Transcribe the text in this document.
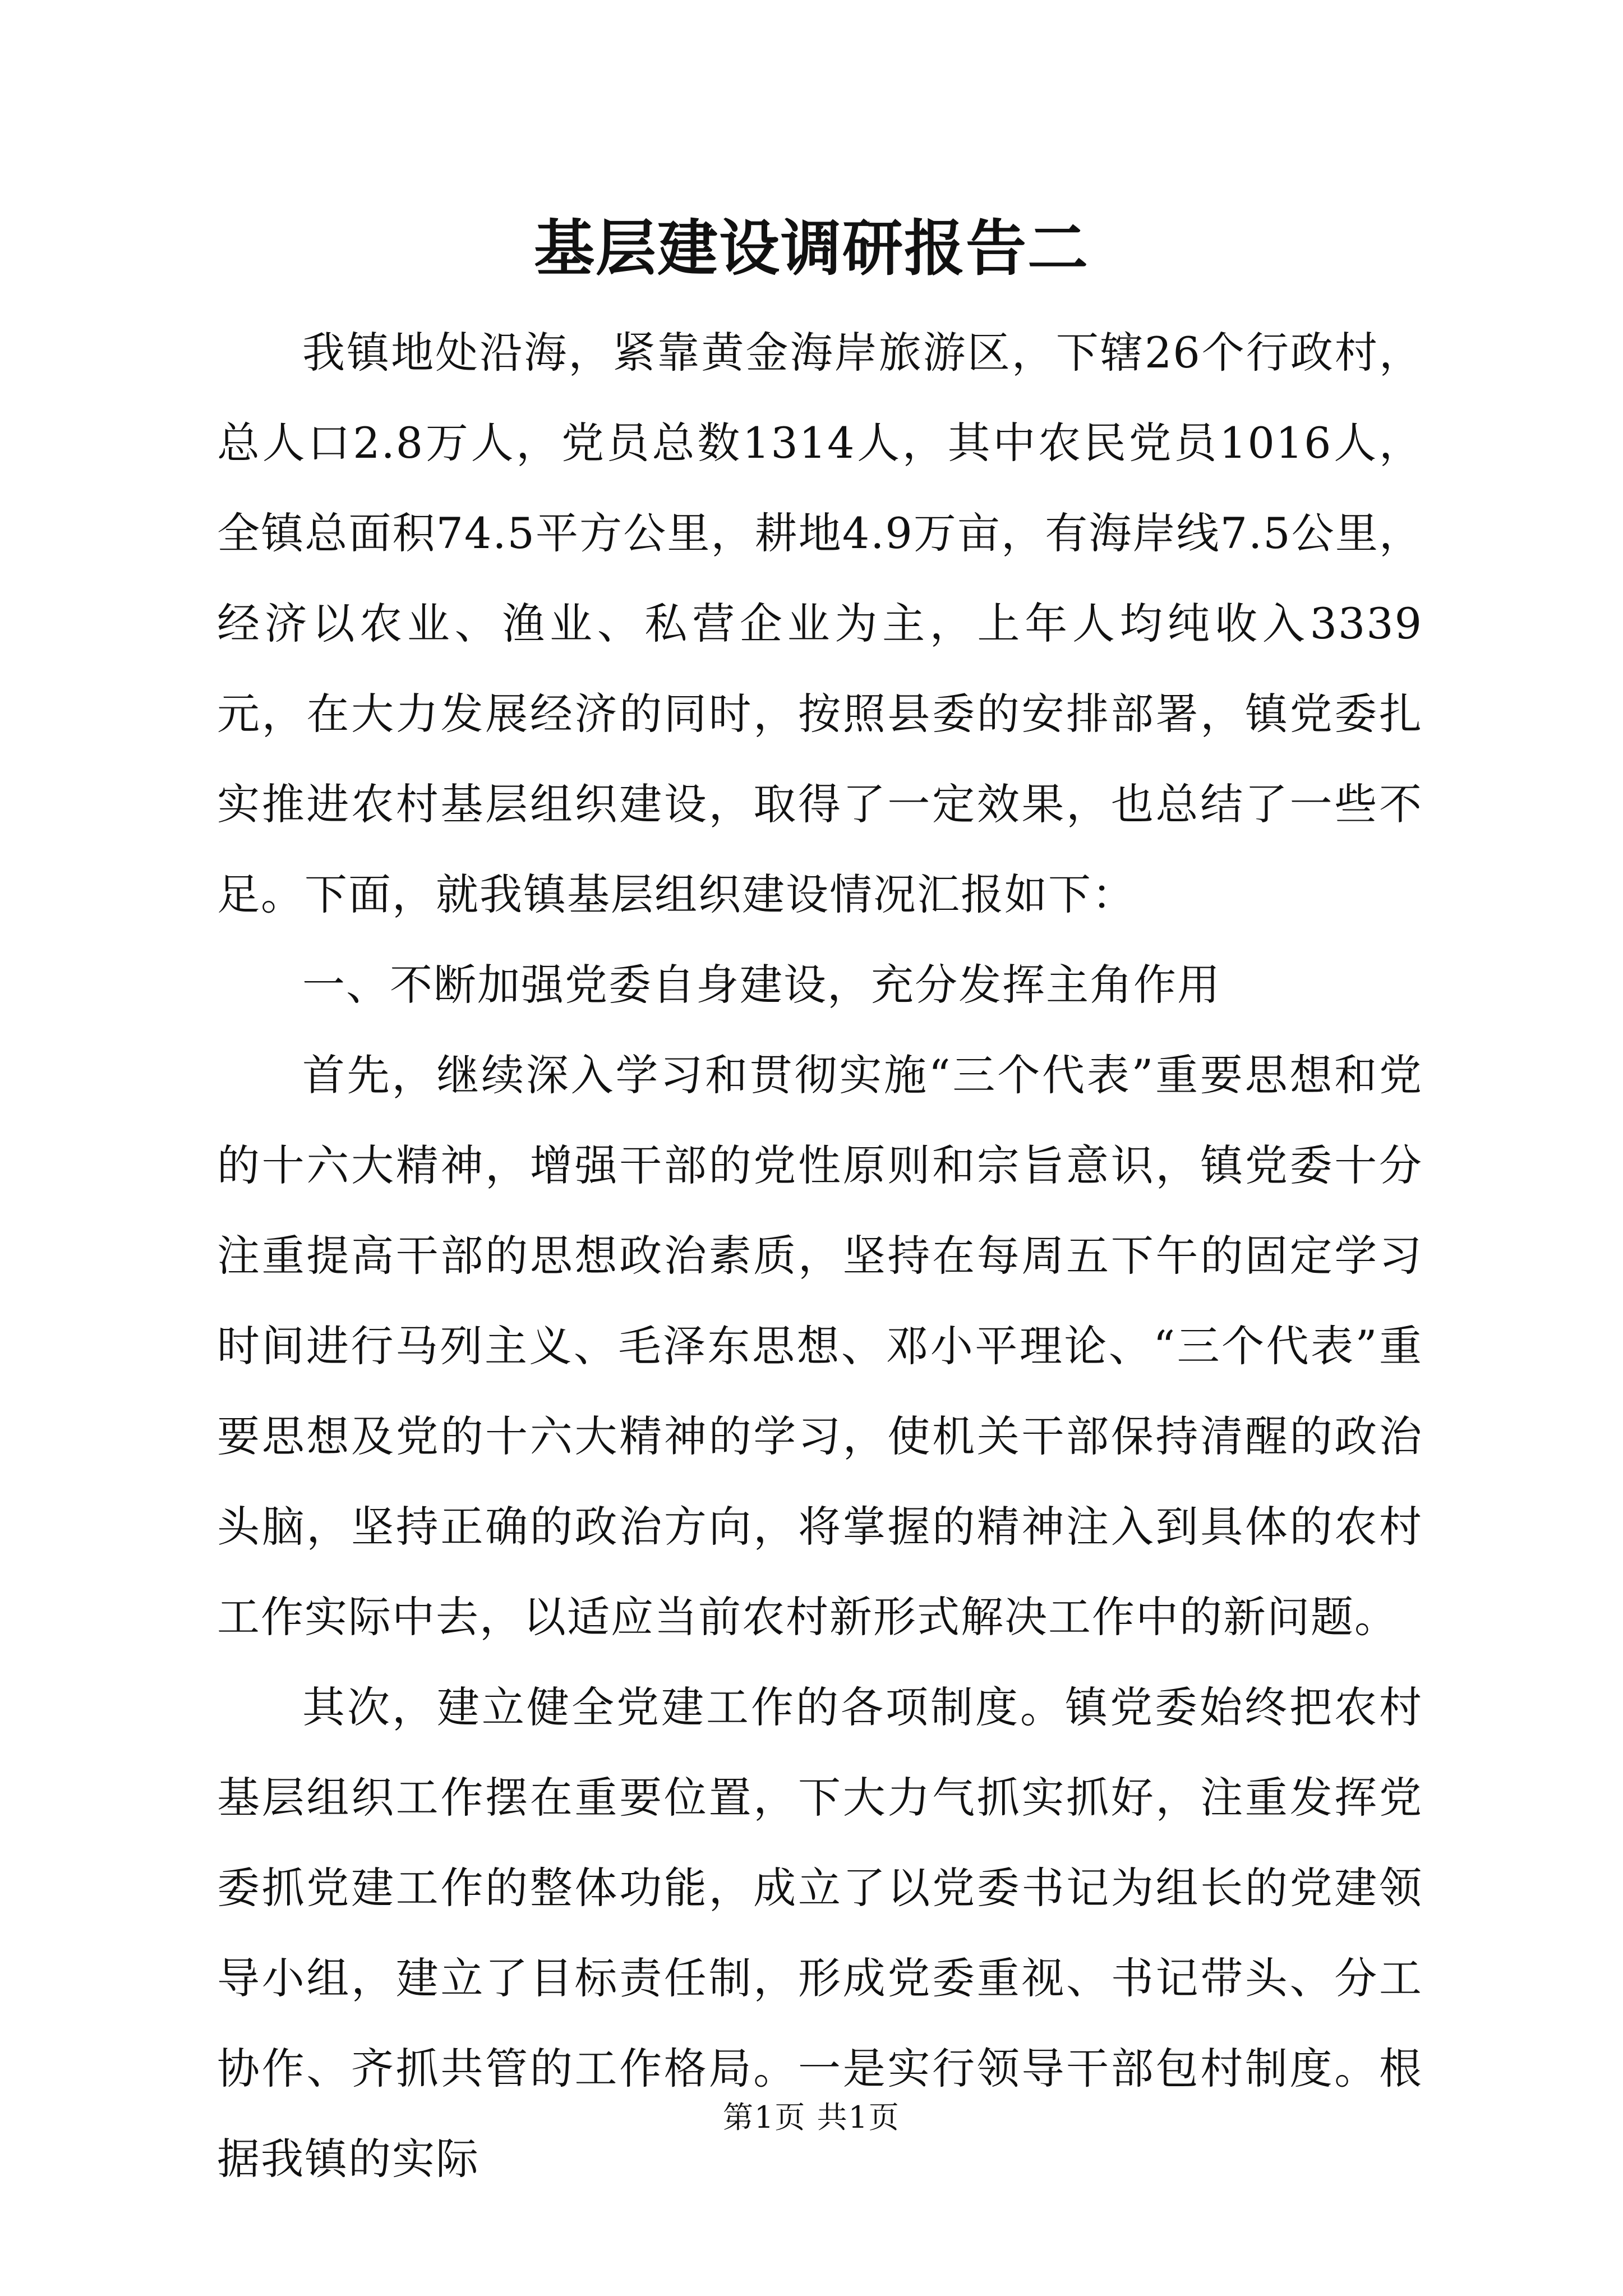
基层建设调研报告二

我镇地处沿海，紧靠黄金海岸旅游区，下辖26个行政村，总人口2.8万人，党员总数1314人，其中农民党员1016人，全镇总面积74.5平方公里，耕地4.9万亩，有海岸线7.5公里，经济以农业、渔业、私营企业为主，上年人均纯收入3339元，在大力发展经济的同时，按照县委的安排部署，镇党委扎实推进农村基层组织建设，取得了一定效果，也总结了一些不足。下面，就我镇基层组织建设情况汇报如下：

一、不断加强党委自身建设，充分发挥主角作用

首先，继续深入学习和贯彻实施“三个代表”重要思想和党的十六大精神，增强干部的党性原则和宗旨意识，镇党委十分注重提高干部的思想政治素质，坚持在每周五下午的固定学习时间进行马列主义、毛泽东思想、邓小平理论、“三个代表”重要思想及党的十六大精神的学习，使机关干部保持清醒的政治头脑，坚持正确的政治方向，将掌握的精神注入到具体的农村工作实际中去，以适应当前农村新形式解决工作中的新问题。

其次，建立健全党建工作的各项制度。镇党委始终把农村基层组织工作摆在重要位置，下大力气抓实抓好，注重发挥党委抓党建工作的整体功能，成立了以党委书记为组长的党建领导小组，建立了目标责任制，形成党委重视、书记带头、分工协作、齐抓共管的工作格局。一是实行领导干部包村制度。根据我镇的实际

第1页 共1页
